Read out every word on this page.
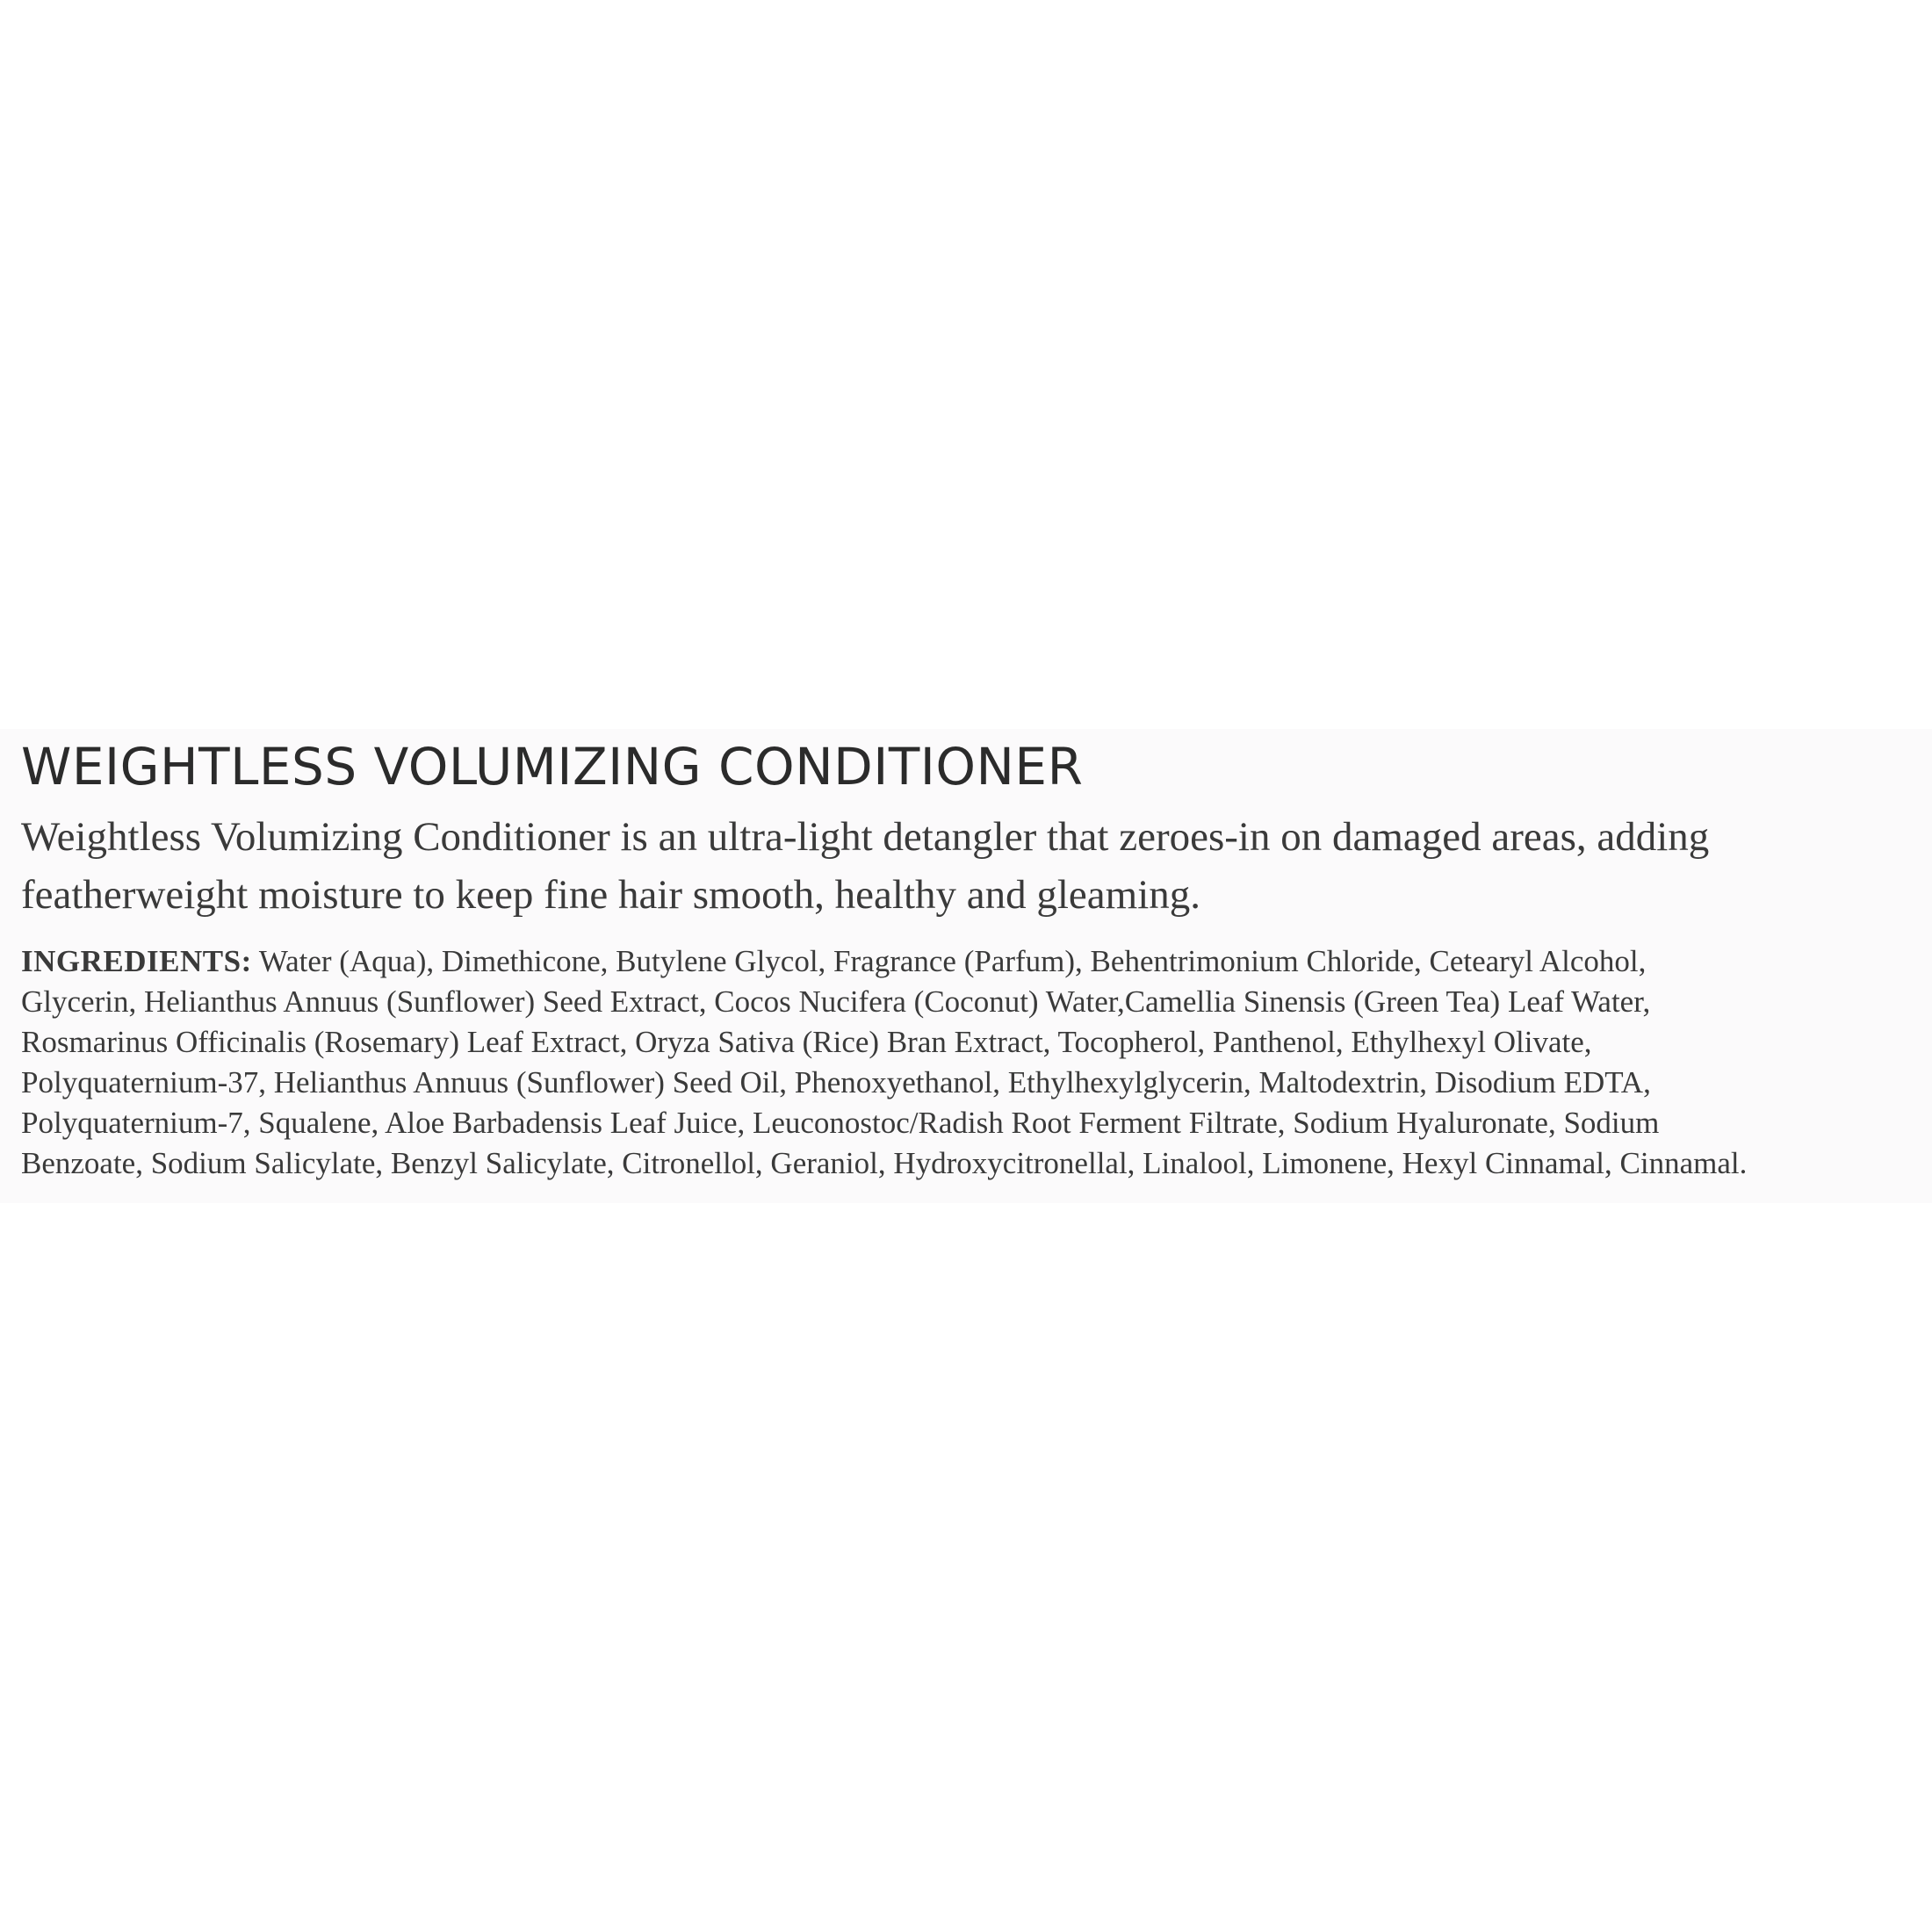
WEIGHTLESS VOLUMIZING CONDITIONER

Weightless Volumizing Conditioner is an ultra-light detangler that zeroes-in on damaged areas, adding
featherweight moisture to keep fine hair smooth, healthy and gleaming.

INGREDIENTS: Water (Aqua), Dimethicone, Butylene Glycol, Fragrance (Parfum), Behentrimonium Chloride, Cetearyl Alcohol,
Glycerin, Helianthus Annuus (Sunflower) Seed Extract, Cocos Nucifera (Coconut) Water,Camellia Sinensis (Green Tea) Leaf Water,
Rosmarinus Officinalis (Rosemary) Leaf Extract, Oryza Sativa (Rice) Bran Extract, Tocopherol, Panthenol, Ethylhexyl Olivate,
Polyquaternium-37, Helianthus Annuus (Sunflower) Seed Oil, Phenoxyethanol, Ethylhexylglycerin, Maltodextrin, Disodium EDTA,
Polyquaternium-7, Squalene, Aloe Barbadensis Leaf Juice, Leuconostoc/Radish Root Ferment Filtrate, Sodium Hyaluronate, Sodium
Benzoate, Sodium Salicylate, Benzyl Salicylate, Citronellol, Geraniol, Hydroxycitronellal, Linalool, Limonene, Hexyl Cinnamal, Cinnamal.
